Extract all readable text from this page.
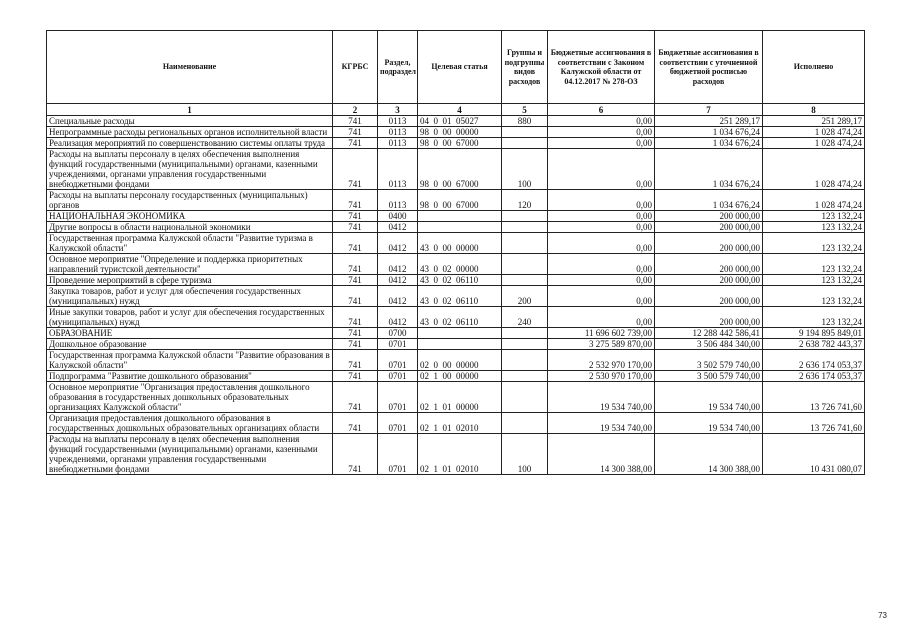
Наименование	КГРБС	Раздел, подраздел	Целевая статья	Группы и подгруппы видов расходов	Бюджетные ассигнования в соответствии с Законом Калужской области от 04.12.2017 № 278-ОЗ	Бюджетные ассигнования в соответствии с уточненной бюджетной росписью расходов	Исполнено
1	2	3	4	5	6	7	8
Специальные расходы	741	0113	04  0  01  05027	880	0,00	251 289,17	251 289,17
Непрограммные расходы региональных органов исполнительной власти	741	0113	98  0  00  00000		0,00	1 034 676,24	1 028 474,24
Реализация мероприятий по совершенствованию системы оплаты труда	741	0113	98  0  00  67000		0,00	1 034 676,24	1 028 474,24
Расходы на выплаты персоналу в целях обеспечения выполнения функций государственными (муниципальными) органами, казенными учреждениями, органами управления государственными внебюджетными фондами	741	0113	98  0  00  67000	100	0,00	1 034 676,24	1 028 474,24
Расходы на выплаты персоналу государственных (муниципальных) органов	741	0113	98  0  00  67000	120	0,00	1 034 676,24	1 028 474,24
НАЦИОНАЛЬНАЯ ЭКОНОМИКА	741	0400			0,00	200 000,00	123 132,24
Другие вопросы в области национальной экономики	741	0412			0,00	200 000,00	123 132,24
Государственная программа Калужской области "Развитие туризма в Калужской области"	741	0412	43  0  00  00000		0,00	200 000,00	123 132,24
Основное мероприятие "Определение и поддержка приоритетных направлений туристской деятельности"	741	0412	43  0  02  00000		0,00	200 000,00	123 132,24
Проведение мероприятий в сфере туризма	741	0412	43  0  02  06110		0,00	200 000,00	123 132,24
Закупка товаров, работ и услуг для обеспечения государственных (муниципальных) нужд	741	0412	43  0  02  06110	200	0,00	200 000,00	123 132,24
Иные закупки товаров, работ и услуг для обеспечения государственных (муниципальных) нужд	741	0412	43  0  02  06110	240	0,00	200 000,00	123 132,24
ОБРАЗОВАНИЕ	741	0700			11 696 602 739,00	12 288 442 586,41	9 194 895 849,01
Дошкольное образование	741	0701			3 275 589 870,00	3 506 484 340,00	2 638 782 443,37
Государственная программа Калужской области "Развитие образования в Калужской области"	741	0701	02  0  00  00000		2 532 970 170,00	3 502 579 740,00	2 636 174 053,37
Подпрограмма "Развитие дошкольного образования"	741	0701	02  1  00  00000		2 530 970 170,00	3 500 579 740,00	2 636 174 053,37
Основное мероприятие "Организация предоставления дошкольного образования в государственных дошкольных образовательных организациях Калужской области"	741	0701	02  1  01  00000		19 534 740,00	19 534 740,00	13 726 741,60
Организация предоставления дошкольного образования в государственных дошкольных образовательных организациях области	741	0701	02  1  01  02010		19 534 740,00	19 534 740,00	13 726 741,60
Расходы на выплаты персоналу в целях обеспечения выполнения функций государственными (муниципальными) органами, казенными учреждениями, органами управления государственными внебюджетными фондами	741	0701	02  1  01  02010	100	14 300 388,00	14 300 388,00	10 431 080,07
73
